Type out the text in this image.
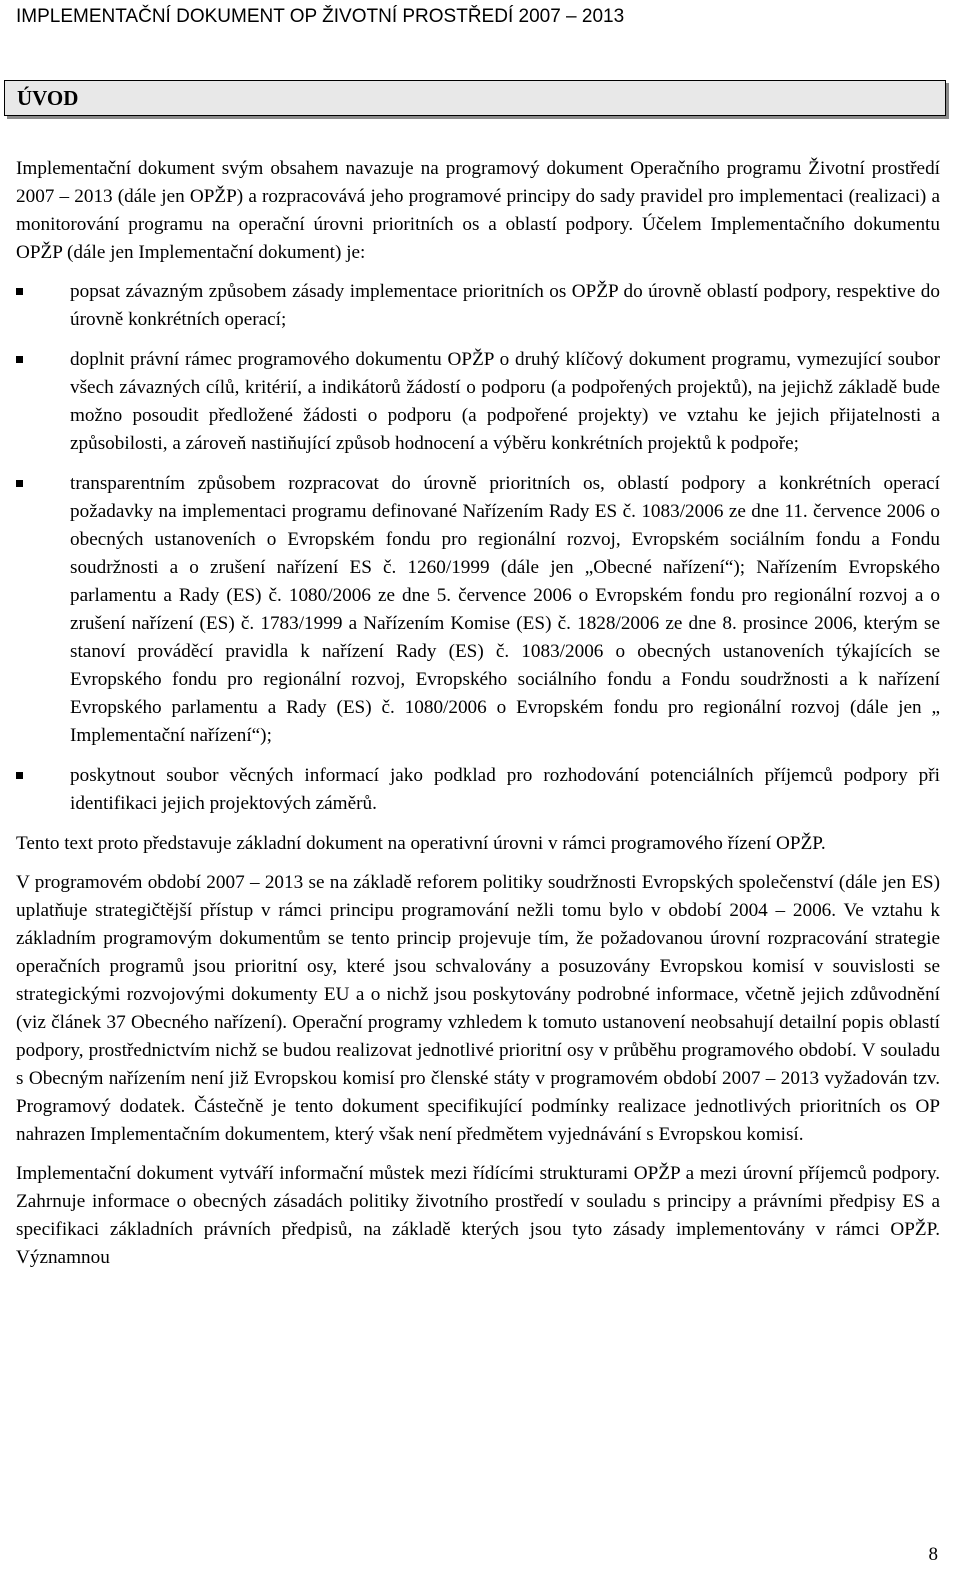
IMPLEMENTAČNÍ DOKUMENT OP ŽIVOTNÍ PROSTŘEDÍ 2007 – 2013
ÚVOD

Implementační dokument svým obsahem navazuje na programový dokument Operačního programu Životní prostředí 2007 – 2013 (dále jen OPŽP) a rozpracovává jeho programové principy do sady pravidel pro implementaci (realizaci) a monitorování programu na operační úrovni prioritních os a oblastí podpory. Účelem Implementačního dokumentu OPŽP (dále jen Implementační dokument) je:

popsat závazným způsobem zásady implementace prioritních os OPŽP do úrovně oblastí podpory, respektive do úrovně konkrétních operací;
doplnit právní rámec programového dokumentu OPŽP o druhý klíčový dokument programu, vymezující soubor všech závazných cílů, kritérií, a indikátorů žádostí o podporu (a podpořených projektů), na jejichž základě bude možno posoudit předložené žádosti o podporu (a podpořené projekty) ve vztahu ke jejich přijatelnosti a způsobilosti, a zároveň nastiňující způsob hodnocení a výběru konkrétních projektů k podpoře;
transparentním způsobem rozpracovat do úrovně prioritních os, oblastí podpory a konkrétních operací požadavky na implementaci programu definované Nařízením Rady ES č. 1083/2006 ze dne 11. července 2006 o obecných ustanoveních o Evropském fondu pro regionální rozvoj, Evropském sociálním fondu a Fondu soudržnosti a o zrušení nařízení ES č. 1260/1999 (dále jen „Obecné nařízení“); Nařízením Evropského parlamentu a Rady (ES) č. 1080/2006 ze dne 5. července 2006 o Evropském fondu pro regionální rozvoj a o zrušení nařízení (ES) č. 1783/1999 a Nařízením Komise (ES) č. 1828/2006 ze dne 8. prosince 2006, kterým se stanoví prováděcí pravidla k nařízení Rady (ES) č. 1083/2006 o obecných ustanoveních týkajících se Evropského fondu pro regionální rozvoj, Evropského sociálního fondu a Fondu soudržnosti a k nařízení Evropského parlamentu a Rady (ES) č. 1080/2006 o Evropském fondu pro regionální rozvoj (dále jen „ Implementační nařízení“);
poskytnout soubor věcných informací jako podklad pro rozhodování potenciálních příjemců podpory při identifikaci jejich projektových záměrů.

Tento text proto představuje základní dokument na operativní úrovni v rámci programového řízení OPŽP.

V programovém období 2007 – 2013 se na základě reforem politiky soudržnosti Evropských společenství (dále jen ES) uplatňuje strategičtější přístup v rámci principu programování nežli tomu bylo v období 2004 – 2006. Ve vztahu k základním programovým dokumentům se tento princip projevuje tím, že požadovanou úrovní rozpracování strategie operačních programů jsou prioritní osy, které jsou schvalovány a posuzovány Evropskou komisí v souvislosti se strategickými rozvojovými dokumenty EU a o nichž jsou poskytovány podrobné informace, včetně jejich zdůvodnění (viz článek 37 Obecného nařízení). Operační programy vzhledem k tomuto ustanovení neobsahují detailní popis oblastí podpory, prostřednictvím nichž se budou realizovat jednotlivé prioritní osy v průběhu programového období. V souladu s Obecným nařízením není již Evropskou komisí pro členské státy v programovém období 2007 – 2013 vyžadován tzv. Programový dodatek. Částečně je tento dokument specifikující podmínky realizace jednotlivých prioritních os OP nahrazen Implementačním dokumentem, který však není předmětem vyjednávání s Evropskou komisí.

Implementační dokument vytváří informační můstek mezi řídícími strukturami OPŽP a mezi úrovní příjemců podpory. Zahrnuje informace o obecných zásadách politiky životního prostředí v souladu s principy a právními předpisy ES a specifikaci základních právních předpisů, na základě kterých jsou tyto zásady implementovány v rámci OPŽP. Významnou

8
